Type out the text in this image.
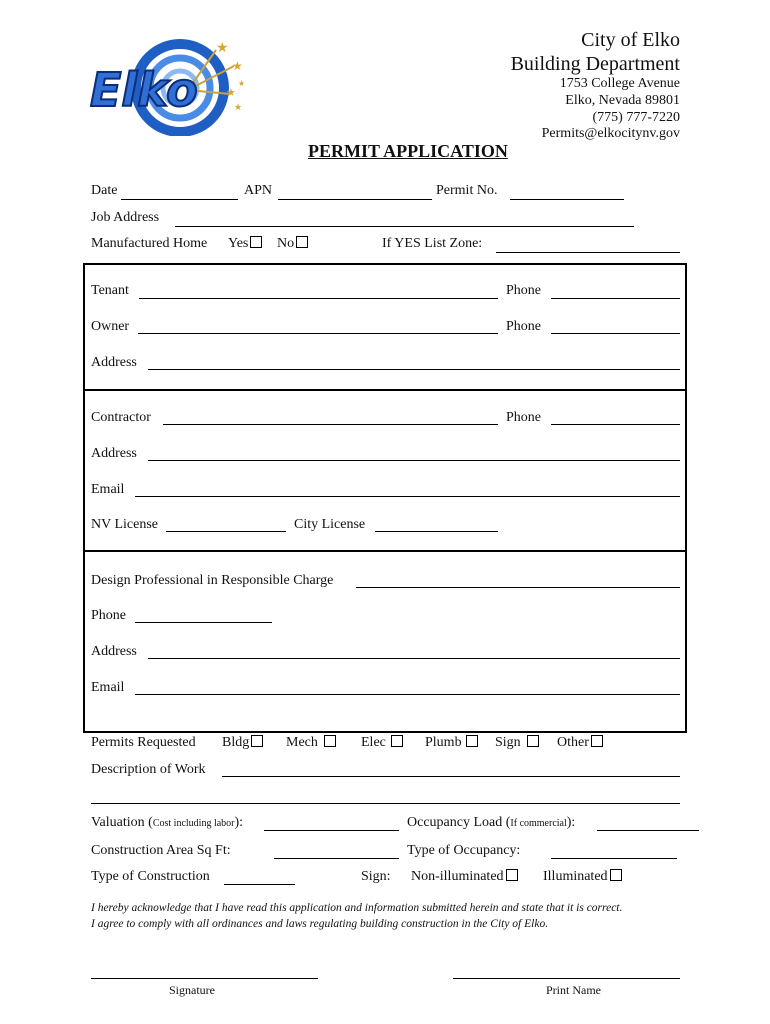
★
★
★
★
★
Elko
City of Elko
Building Department
1753 College Avenue
Elko, Nevada 89801
(775) 777-7220
Permits@elkocitynv.gov
PERMIT APPLICATION
Date	APN	Permit No.
Job Address
Manufactured Home Yes	No	If YES List Zone:
Tenant	Phone
Owner	Phone
Address
Contractor	Phone
Address
Email
NV License	City License
Design Professional in Responsible Charge
Phone
Address
Email
Permits Requested Bldg	Mech	Elec	Plumb	Sign	Other
Description of Work
Valuation (Cost including labor):	Occupancy Load (If commercial):
Construction Area Sq Ft:	Type of Occupancy:
Type of Construction	Sign: Non-illuminated	Illuminated
I hereby acknowledge that I have read this application and information submitted herein and state that it is correct.
I agree to comply with all ordinances and laws regulating building construction in the City of Elko.
Signature	Print Name
